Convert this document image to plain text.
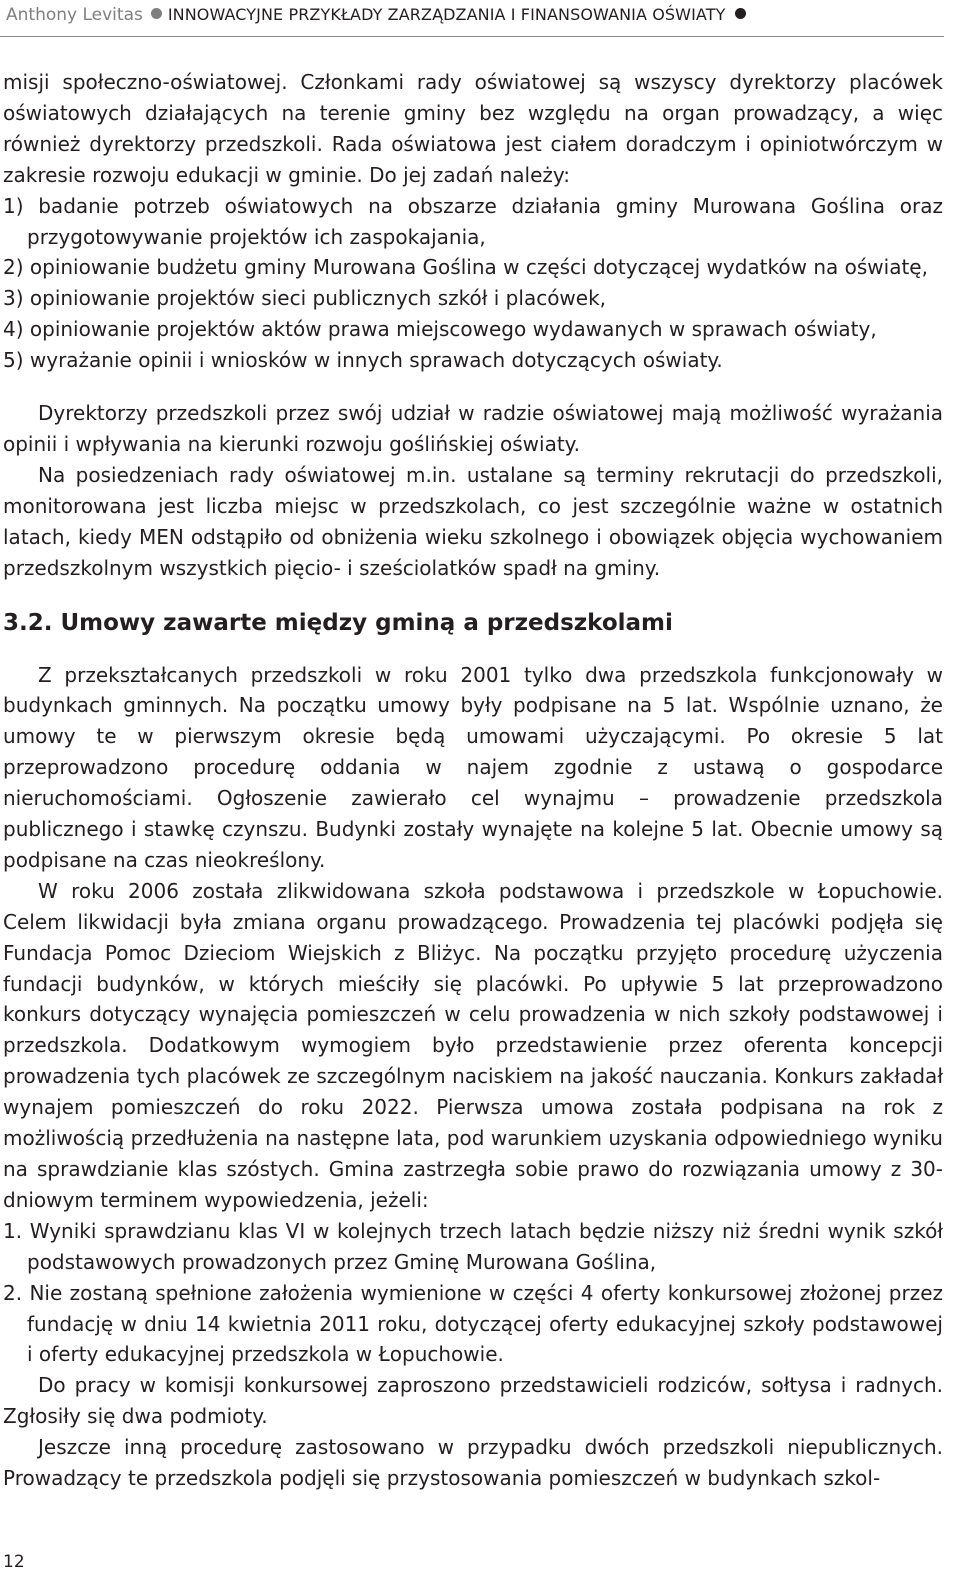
Anthony Levitas INNOWACYJNE PRZYKŁADY ZARZĄDZANIA I FINANSOWANIA OŚWIATY

misji społeczno-oświatowej. Członkami rady oświatowej są wszyscy dyrektorzy placówek oświatowych działających na terenie gminy bez względu na organ prowadzący, a więc również dyrektorzy przedszkoli. Rada oświatowa jest ciałem doradczym i opiniotwórczym w zakresie rozwoju edukacji w gminie. Do jej zadań należy:

1) badanie potrzeb oświatowych na obszarze działania gminy Murowana Goślina oraz przygotowywanie projektów ich zaspokajania,
2) opiniowanie budżetu gminy Murowana Goślina w części dotyczącej wydatków na oświatę,
3) opiniowanie projektów sieci publicznych szkół i placówek,
4) opiniowanie projektów aktów prawa miejscowego wydawanych w sprawach oświaty,
5) wyrażanie opinii i wniosków w innych sprawach dotyczących oświaty.

Dyrektorzy przedszkoli przez swój udział w radzie oświatowej mają możliwość wyrażania opinii i wpływania na kierunki rozwoju goślińskiej oświaty.

Na posiedzeniach rady oświatowej m.in. ustalane są terminy rekrutacji do przedszkoli, monitorowana jest liczba miejsc w przedszkolach, co jest szczególnie ważne w ostatnich latach, kiedy MEN odstąpiło od obniżenia wieku szkolnego i obowiązek objęcia wychowaniem przedszkolnym wszystkich pięcio- i sześciolatków spadł na gminy.

3.2. Umowy zawarte między gminą a przedszkolami

Z przekształcanych przedszkoli w roku 2001 tylko dwa przedszkola funkcjonowały w budynkach gminnych. Na początku umowy były podpisane na 5 lat. Wspólnie uznano, że umowy te w pierwszym okresie będą umowami użyczającymi. Po okresie 5 lat przeprowadzono procedurę oddania w najem zgodnie z ustawą o gospodarce nieruchomościami. Ogłoszenie zawierało cel wynajmu – prowadzenie przedszkola publicznego i stawkę czynszu. Budynki zostały wynajęte na kolejne 5 lat. Obecnie umowy są podpisane na czas nieokreślony.

W roku 2006 została zlikwidowana szkoła podstawowa i przedszkole w Łopuchowie. Celem likwidacji była zmiana organu prowadzącego. Prowadzenia tej placówki podjęła się Fundacja Pomoc Dzieciom Wiejskich z Bliżyc. Na początku przyjęto procedurę użyczenia fundacji budynków, w których mieściły się placówki. Po upływie 5 lat przeprowadzono konkurs dotyczący wynajęcia pomieszczeń w celu prowadzenia w nich szkoły podstawowej i przedszkola. Dodatkowym wymogiem było przedstawienie przez oferenta koncepcji prowadzenia tych placówek ze szczególnym naciskiem na jakość nauczania. Konkurs zakładał wynajem pomieszczeń do roku 2022. Pierwsza umowa została podpisana na rok z możliwością przedłużenia na następne lata, pod warunkiem uzyskania odpowiedniego wyniku na sprawdzianie klas szóstych. Gmina zastrzegła sobie prawo do rozwiązania umowy z 30-dniowym terminem wypowiedzenia, jeżeli:

1. Wyniki sprawdzianu klas VI w kolejnych trzech latach będzie niższy niż średni wynik szkół podstawowych prowadzonych przez Gminę Murowana Goślina,
2. Nie zostaną spełnione założenia wymienione w części 4 oferty konkursowej złożonej przez fundację w dniu 14 kwietnia 2011 roku, dotyczącej oferty edukacyjnej szkoły podstawowej i oferty edukacyjnej przedszkola w Łopuchowie.

Do pracy w komisji konkursowej zaproszono przedstawicieli rodziców, sołtysa i radnych. Zgłosiły się dwa podmioty.

Jeszcze inną procedurę zastosowano w przypadku dwóch przedszkoli niepublicznych. Prowadzący te przedszkola podjęli się przystosowania pomieszczeń w budynkach szkol-

12
